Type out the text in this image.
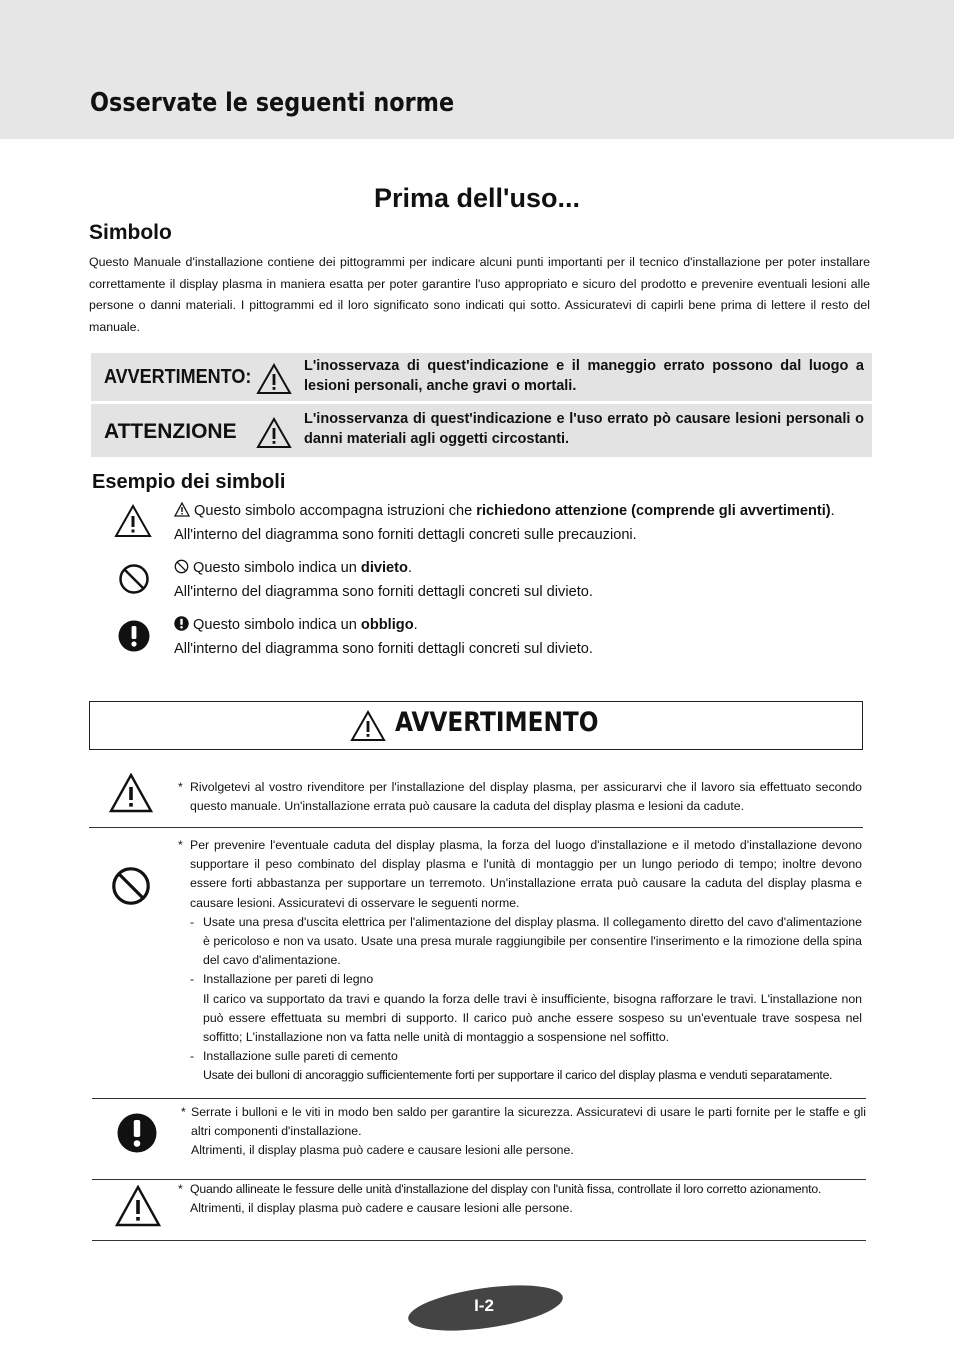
Osservate le seguenti norme
Prima dell'uso...
Simbolo

Questo Manuale d'installazione contiene dei pittogrammi per indicare alcuni punti importanti per il tecnico d'installazione per poter installare correttamente il display plasma in maniera esatta per poter garantire l'uso appropriato e sicuro del prodotto e prevenire eventuali lesioni alle persone o danni materiali. I pittogrammi ed il loro significato sono indicati qui sotto. Assicuratevi di capirli bene prima di lettere il resto del manuale.

AVVERTIMENTO:	L'inosservaza di quest'indicazione e il maneggio errato possono dal luogo a lesioni personali, anche gravi o mortali.
ATTENZIONE
L'inosservanza di quest'indicazione e l'uso errato pò causare lesioni personali o danni materiali agli oggetti circostanti.
Esempio dei simboli
Questo simbolo accompagna istruzioni che richiedono attenzione (comprende gli avvertimenti).
All'interno del diagramma sono forniti dettagli concreti sulle precauzioni.
Questo simbolo indica un divieto.
All'interno del diagramma sono forniti dettagli concreti sul divieto.
Questo simbolo indica un obbligo.
All'interno del diagramma sono forniti dettagli concreti sul divieto.
AVVERTIMENTO
* Rivolgetevi al vostro rivenditore per l'installazione del display plasma, per assicurarvi che il lavoro sia effettuato secondo questo manuale. Un'installazione errata può causare la caduta del display plasma e lesioni da cadute.

* Per prevenire l'eventuale caduta del display plasma, la forza del luogo d'installazione e il metodo d'installazione devono supportare il peso combinato del display plasma e l'unità di montaggio per un lungo periodo di tempo; inoltre devono essere forti abbastanza per supportare un terremoto. Un'installazione errata può causare la caduta del display plasma e causare lesioni. Assicuratevi di osservare le seguenti norme.

- Usate una presa d'uscita elettrica per l'alimentazione del display plasma. Il collegamento diretto del cavo d'alimentazione è pericoloso e non va usato. Usate una presa murale raggiungibile per consentire l'inserimento e la rimozione della spina del cavo d'alimentazione.
- Installazione per pareti di legno
Il carico va supportato da travi e quando la forza delle travi è insufficiente, bisogna rafforzare le travi. L'installazione non può essere effettuata su membri di supporto. Il carico può anche essere sospeso su un'eventuale trave sospesa nel soffitto; L'installazione non va fatta nelle unità di montaggio a sospensione nel soffitto.
- Installazione sulle pareti di cemento
Usate dei bulloni di ancoraggio sufficientemente forti per supportare il carico del display plasma e venduti separatamente.
* Serrate i bulloni e le viti in modo ben saldo per garantire la sicurezza. Assicuratevi di usare le parti fornite per le staffe e gli altri componenti d'installazione.

Altrimenti, il display plasma può cadere e causare lesioni alle persone.

* Quando allineate le fessure delle unità d'installazione del display con l'unità fissa, controllate il loro corretto azionamento.

Altrimenti, il display plasma può cadere e causare lesioni alle persone.

I-2
